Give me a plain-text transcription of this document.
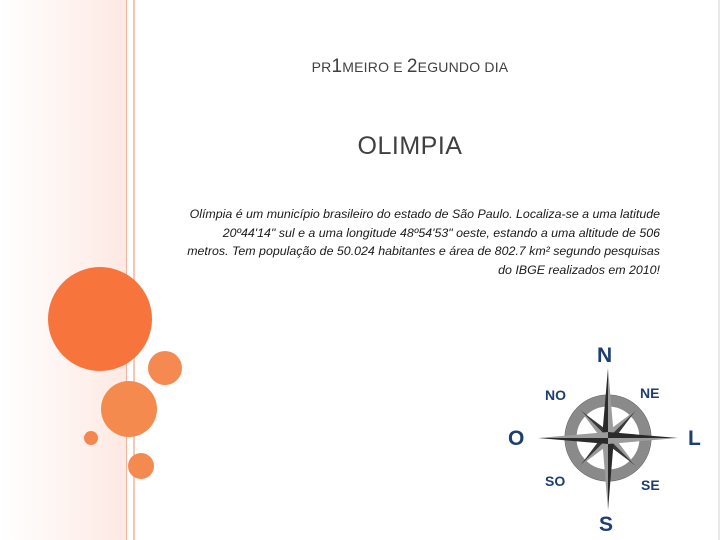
PR1MEIRO E 2EGUNDO DIA
OLIMPIA
Olímpia é um município brasileiro do estado de São Paulo. Localiza-se a uma latitude 20º44'14" sul e a uma longitude 48º54'53" oeste, estando a uma altitude de 506 metros. Tem população de 50.024 habitantes e área de 802.7 km² segundo pesquisas do IBGE realizados em 2010!
N
S
O	L
NO	NE
SO	SE
